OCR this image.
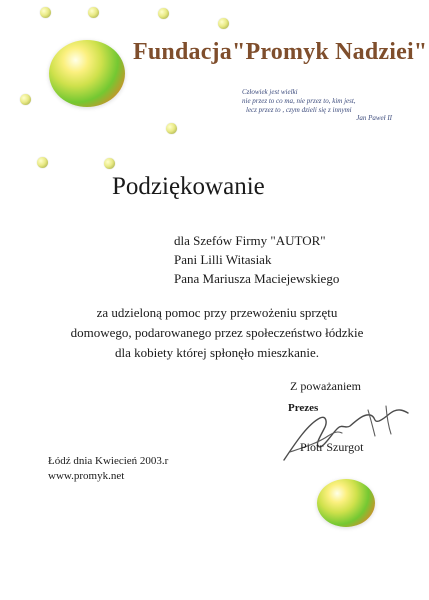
Fundacja"Promyk Nadziei"
Człowiek jest wielki
nie przez to co ma, nie przez to, kim jest,
lecz przez to , czym dzieli się z innymi
Jan Paweł II
Podziękowanie
dla Szefów Firmy "AUTOR"
Pani Lilli Witasiak
Pana Mariusza Maciejewskiego
za udzieloną pomoc przy przewożeniu sprzętu
domowego, podarowanego przez społeczeństwo łódzkie
dla kobiety której spłonęło mieszkanie.
Z poważaniem
Prezes
Piotr Szurgot
Łódź dnia Kwiecień 2003.r
www.promyk.net
